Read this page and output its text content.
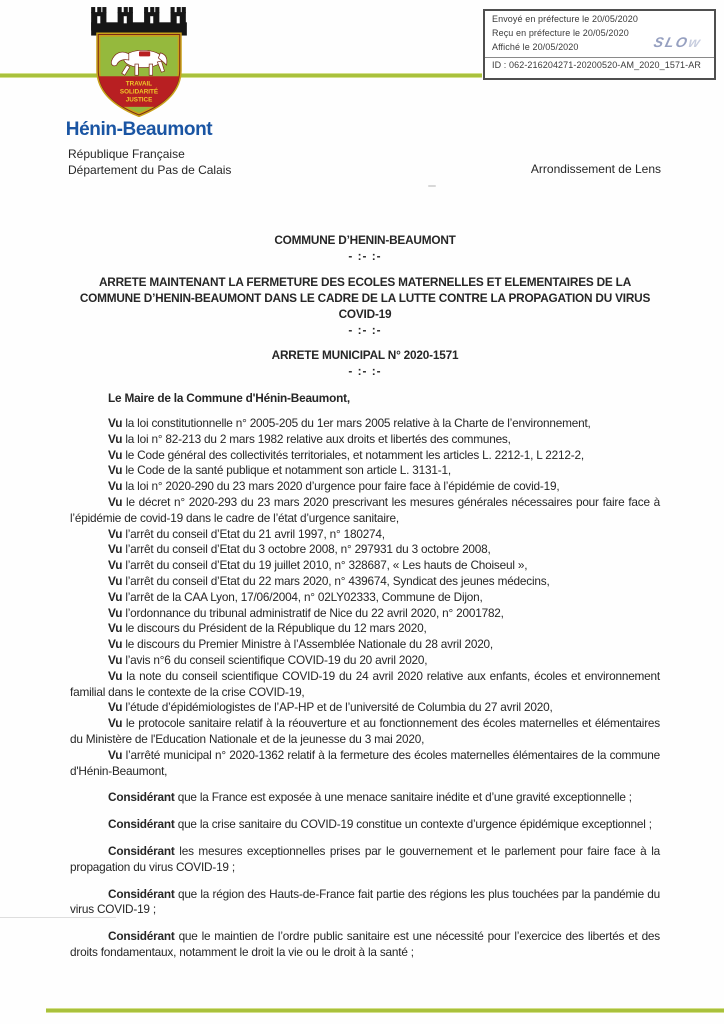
TRAVAIL
SOLIDARITÉ
JUSTICE
Hénin-Beaumont
Envoyé en préfecture le 20/05/2020
Reçu en préfecture le 20/05/2020
Affiché le 20/05/2020	SLOw
ID : 062-216204271-20200520-AM_2020_1571-AR
République Française
Département du Pas de Calais	Arrondissement de Lens
COMMUNE D’HENIN-BEAUMONT
- :- :-
ARRETE MAINTENANT LA FERMETURE DES ECOLES MATERNELLES ET ELEMENTAIRES DE LA COMMUNE D’HENIN-BEAUMONT DANS LE CADRE DE LA LUTTE CONTRE LA PROPAGATION DU VIRUS COVID-19
- :- :-
ARRETE MUNICIPAL N° 2020-1571
- :- :-

Le Maire de la Commune d'Hénin-Beaumont,

Vu la loi constitutionnelle n° 2005-205 du 1er mars 2005 relative à la Charte de l’environnement,

Vu la loi n° 82-213 du 2 mars 1982 relative aux droits et libertés des communes,

Vu le Code général des collectivités territoriales, et notamment les articles L. 2212-1, L 2212-2,

Vu le Code de la santé publique et notamment son article L. 3131-1,

Vu la loi n° 2020-290 du 23 mars 2020 d’urgence pour faire face à l’épidémie de covid-19,

Vu le décret n° 2020-293 du 23 mars 2020 prescrivant les mesures générales nécessaires pour faire face à l’épidémie de covid-19 dans le cadre de l’état d’urgence sanitaire,

Vu l’arrêt du conseil d’Etat du 21 avril 1997, n° 180274,

Vu l’arrêt du conseil d’Etat du 3 octobre 2008, n° 297931 du 3 octobre 2008,

Vu l’arrêt du conseil d’Etat du 19 juillet 2010, n° 328687, « Les hauts de Choiseul »,

Vu l’arrêt du conseil d’Etat du 22 mars 2020, n° 439674, Syndicat des jeunes médecins,

Vu l’arrêt de la CAA Lyon, 17/06/2004, n° 02LY02333, Commune de Dijon,

Vu l’ordonnance du tribunal administratif de Nice du 22 avril 2020, n° 2001782,

Vu le discours du Président de la République du 12 mars 2020,

Vu le discours du Premier Ministre à l’Assemblée Nationale du 28 avril 2020,

Vu l’avis n°6 du conseil scientifique COVID-19 du 20 avril 2020,

Vu la note du conseil scientifique COVID-19 du 24 avril 2020 relative aux enfants, écoles et environnement familial dans le contexte de la crise COVID-19,

Vu l’étude d’épidémiologistes de l’AP-HP et de l’université de Columbia du 27 avril 2020,

Vu le protocole sanitaire relatif à la réouverture et au fonctionnement des écoles maternelles et élémentaires du Ministère de l'Education Nationale et de la jeunesse du 3 mai 2020,

Vu l’arrêté municipal n° 2020-1362 relatif à la fermeture des écoles maternelles élémentaires de la commune d'Hénin-Beaumont,

Considérant que la France est exposée à une menace sanitaire inédite et d’une gravité exceptionnelle ;

Considérant que la crise sanitaire du COVID-19 constitue un contexte d’urgence épidémique exceptionnel ;

Considérant les mesures exceptionnelles prises par le gouvernement et le parlement pour faire face à la propagation du virus COVID-19 ;

Considérant que la région des Hauts-de-France fait partie des régions les plus touchées par la pandémie du virus COVID-19 ;

Considérant que le maintien de l’ordre public sanitaire est une nécessité pour l’exercice des libertés et des droits fondamentaux, notamment le droit la vie ou le droit à la santé ;
